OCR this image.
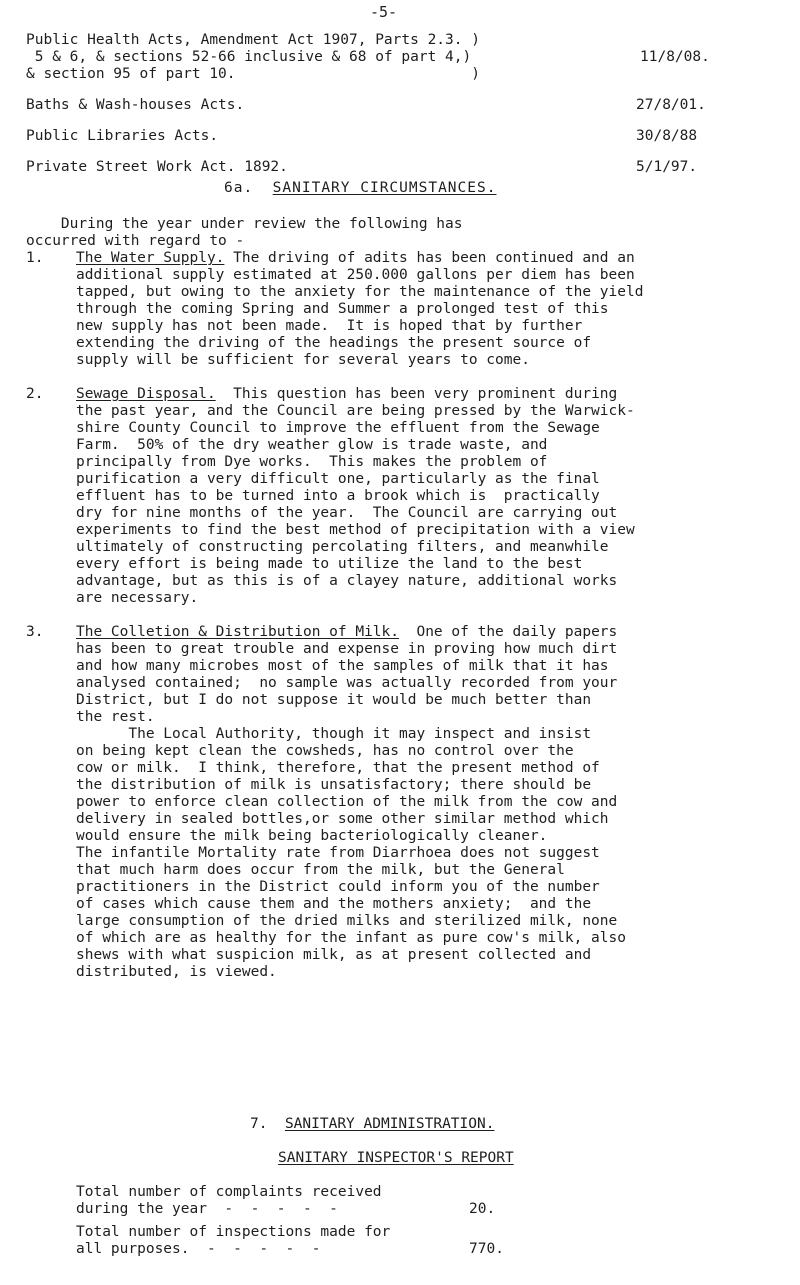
-5-
Public Health Acts, Amendment Act 1907, Parts 2.3. )
5 & 6, & sections 52-66 inclusive & 68 of part 4,)	11/8/08.
& section 95 of part 10.                           )
Baths & Wash-houses Acts.	27/8/01.
Public Libraries Acts.	30/8/88
Private Street Work Act. 1892.	5/1/97.
6a. SANITARY CIRCUMSTANCES.
During the year under review the following has
occurred with regard to -
1. The Water Supply. The driving of adits has been continued and an
additional supply estimated at 250.000 gallons per diem has been
tapped, but owing to the anxiety for the maintenance of the yield
through the coming Spring and Summer a prolonged test of this
new supply has not been made.  It is hoped that by further
extending the driving of the headings the present source of
supply will be sufficient for several years to come.
2. Sewage Disposal.  This question has been very prominent during
the past year, and the Council are being pressed by the Warwick-
shire County Council to improve the effluent from the Sewage
Farm.  50% of the dry weather glow is trade waste, and
principally from Dye works.  This makes the problem of
purification a very difficult one, particularly as the final
effluent has to be turned into a brook which is  practically
dry for nine months of the year.  The Council are carrying out
experiments to find the best method of precipitation with a view
ultimately of constructing percolating filters, and meanwhile
every effort is being made to utilize the land to the best
advantage, but as this is of a clayey nature, additional works
are necessary.
3. The Colletion & Distribution of Milk.  One of the daily papers
has been to great trouble and expense in proving how much dirt
and how many microbes most of the samples of milk that it has
analysed contained;  no sample was actually recorded from your
District, but I do not suppose it would be much better than
the rest.
The Local Authority, though it may inspect and insist
on being kept clean the cowsheds, has no control over the
cow or milk.  I think, therefore, that the present method of
the distribution of milk is unsatisfactory; there should be
power to enforce clean collection of the milk from the cow and
delivery in sealed bottles,or some other similar method which
would ensure the milk being bacteriologically cleaner.
The infantile Mortality rate from Diarrhoea does not suggest
that much harm does occur from the milk, but the General
practitioners in the District could inform you of the number
of cases which cause them and the mothers anxiety;  and the
large consumption of the dried milks and sterilized milk, none
of which are as healthy for the infant as pure cow's milk, also
shews with what suspicion milk, as at present collected and
distributed, is viewed.
7. SANITARY ADMINISTRATION.
SANITARY INSPECTOR'S REPORT
Total number of complaints received
during the year  -  -  -  -  -	20.
Total number of inspections made for
all purposes.  -  -  -  -  -	770.
